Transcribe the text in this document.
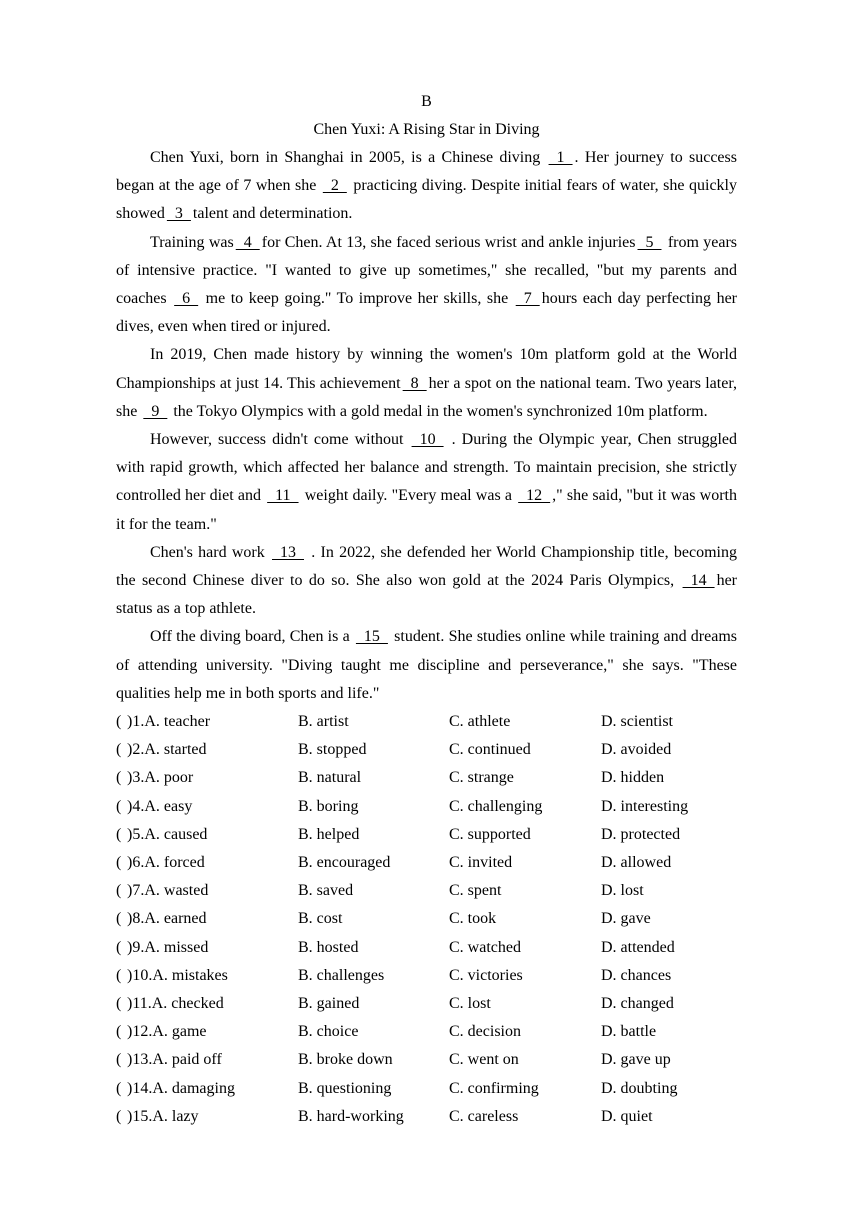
B
Chen Yuxi: A Rising Star in Diving

Chen Yuxi, born in Shanghai in 2005, is a Chinese diving   1  . Her journey to success began at the age of 7 when she   2   practicing diving. Despite initial fears of water, she quickly showed  3  talent and determination.

Training was  4  for Chen. At 13, she faced serious wrist and ankle injuries  5   from years of intensive practice. "I wanted to give up sometimes," she recalled, "but my parents and coaches   6   me to keep going." To improve her skills, she   7  hours each day perfecting her dives, even when tired or injured.

In 2019, Chen made history by winning the women's 10m platform gold at the World Championships at just 14. This achievement  8  her a spot on the national team. Two years later, she   9   the Tokyo Olympics with a gold medal in the women's synchronized 10m platform.

However, success didn't come without   10   . During the Olympic year, Chen struggled with rapid growth, which affected her balance and strength. To maintain precision, she strictly controlled her diet and   11   weight daily. "Every meal was a   12  ," she said, "but it was worth it for the team."

Chen's hard work   13   . In 2022, she defended her World Championship title, becoming the second Chinese diver to do so. She also won gold at the 2024 Paris Olympics,   14  her status as a top athlete.

Off the diving board, Chen is a   15   student. She studies online while training and dreams of attending university. "Diving taught me discipline and perseverance," she says. "These qualities help me in both sports and life."

( )1.A. teacher	B. artist	C. athlete	D. scientist
( )2.A. started	B. stopped	C. continued	D. avoided
( )3.A. poor	B. natural	C. strange	D. hidden
( )4.A. easy	B. boring	C. challenging	D. interesting
( )5.A. caused	B. helped	C. supported	D. protected
( )6.A. forced	B. encouraged	C. invited	D. allowed
( )7.A. wasted	B. saved	C. spent	D. lost
( )8.A. earned	B. cost	C. took	D. gave
( )9.A. missed	B. hosted	C. watched	D. attended
( )10.A. mistakes	B. challenges	C. victories	D. chances
( )11.A. checked	B. gained	C. lost	D. changed
( )12.A. game	B. choice	C. decision	D. battle
( )13.A. paid off	B. broke down	C. went on	D. gave up
( )14.A. damaging	B. questioning	C. confirming	D. doubting
( )15.A. lazy	B. hard-working	C. careless	D. quiet
